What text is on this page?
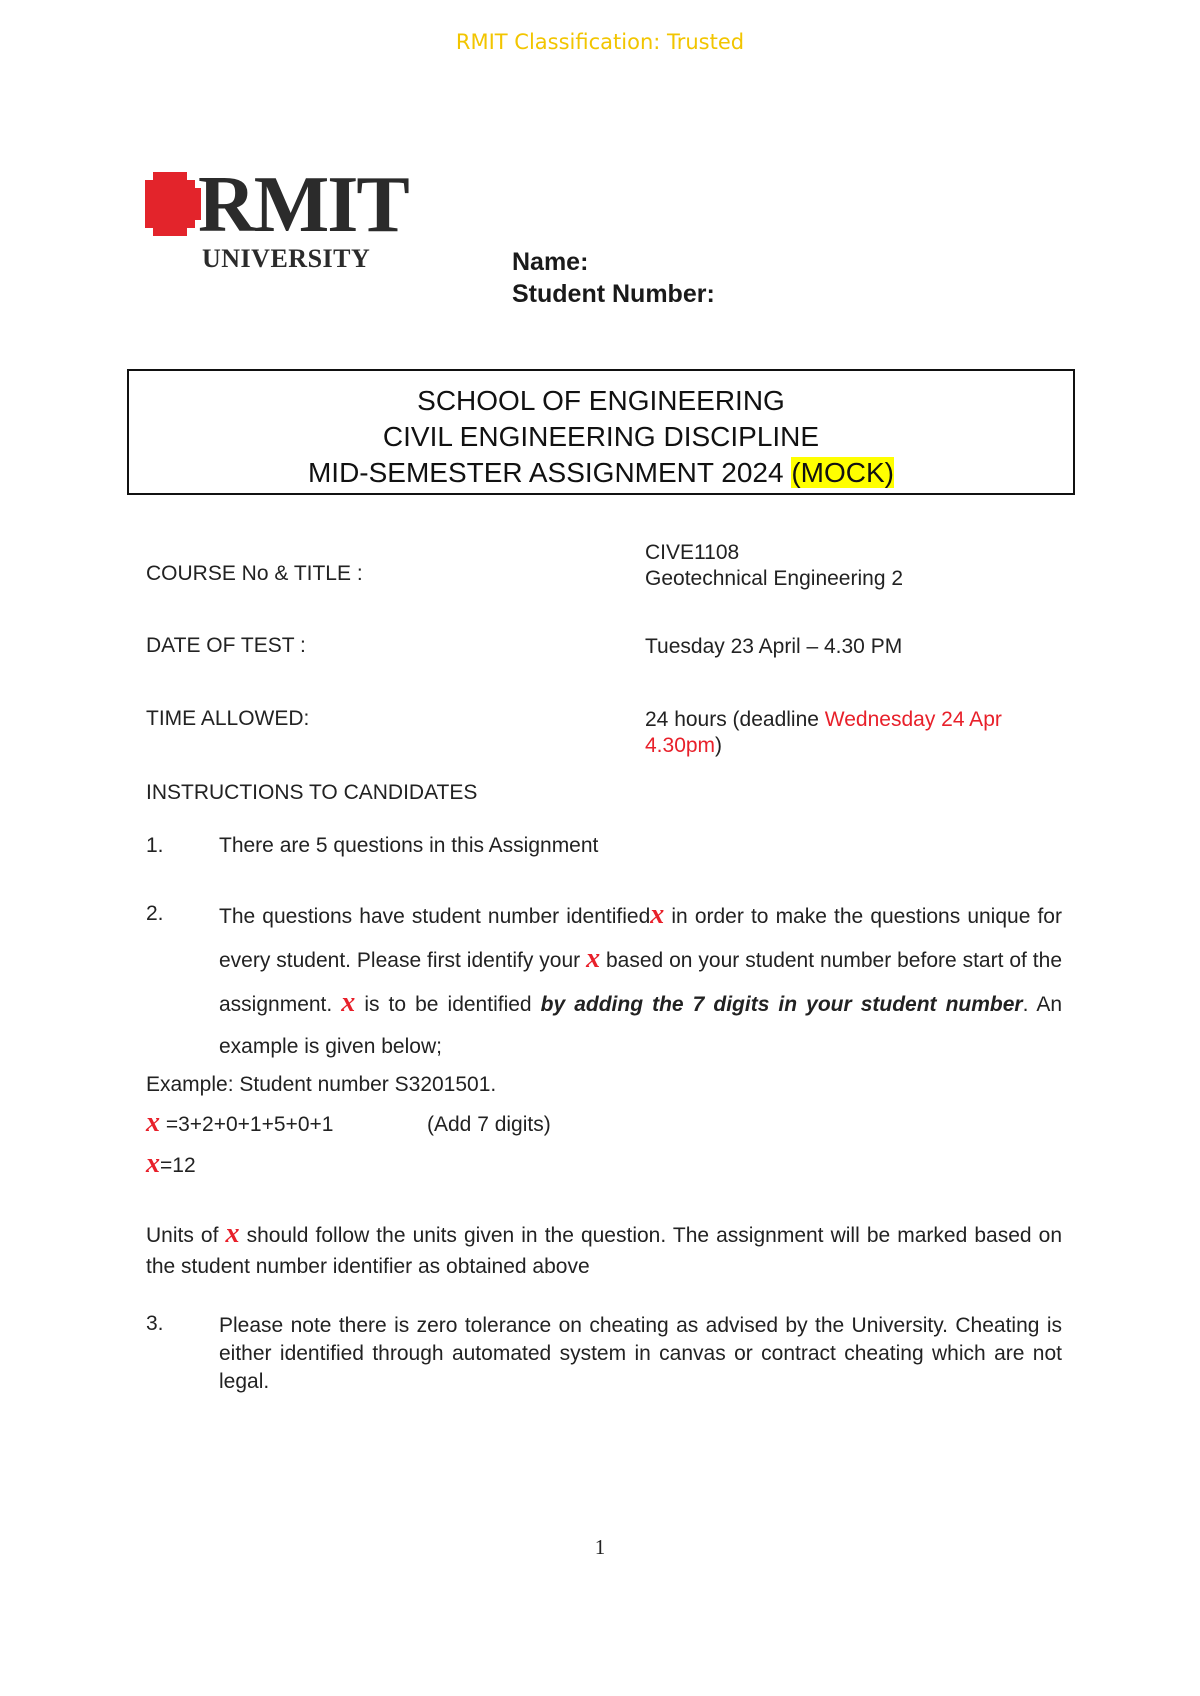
RMIT Classification: Trusted
RMIT
UNIVERSITY	Name:
Student Number:
SCHOOL OF ENGINEERING
CIVIL ENGINEERING DISCIPLINE
MID-SEMESTER ASSIGNMENT 2024 (MOCK)
COURSE No & TITLE :
CIVE1108
Geotechnical Engineering 2
DATE OF TEST :	Tuesday 23 April – 4.30 PM
TIME ALLOWED:	24 hours (deadline Wednesday 24 Apr
4.30pm)
INSTRUCTIONS TO CANDIDATES
1.	There are 5 questions in this Assignment
2.	The questions have student number identifiedx in order to make the questions unique for every student. Please first identify your x based on your student number before start of the assignment. x is to be identified by adding the 7 digits in your student number. An example is given below;
Example: Student number S3201501.
x =3+2+0+1+5+0+1	(Add 7 digits)
x=12
Units of x should follow the units given in the question. The assignment will be marked based on the student number identifier as obtained above
3.	Please note there is zero tolerance on cheating as advised by the University. Cheating is either identified through automated system in canvas or contract cheating which are not legal.
1
